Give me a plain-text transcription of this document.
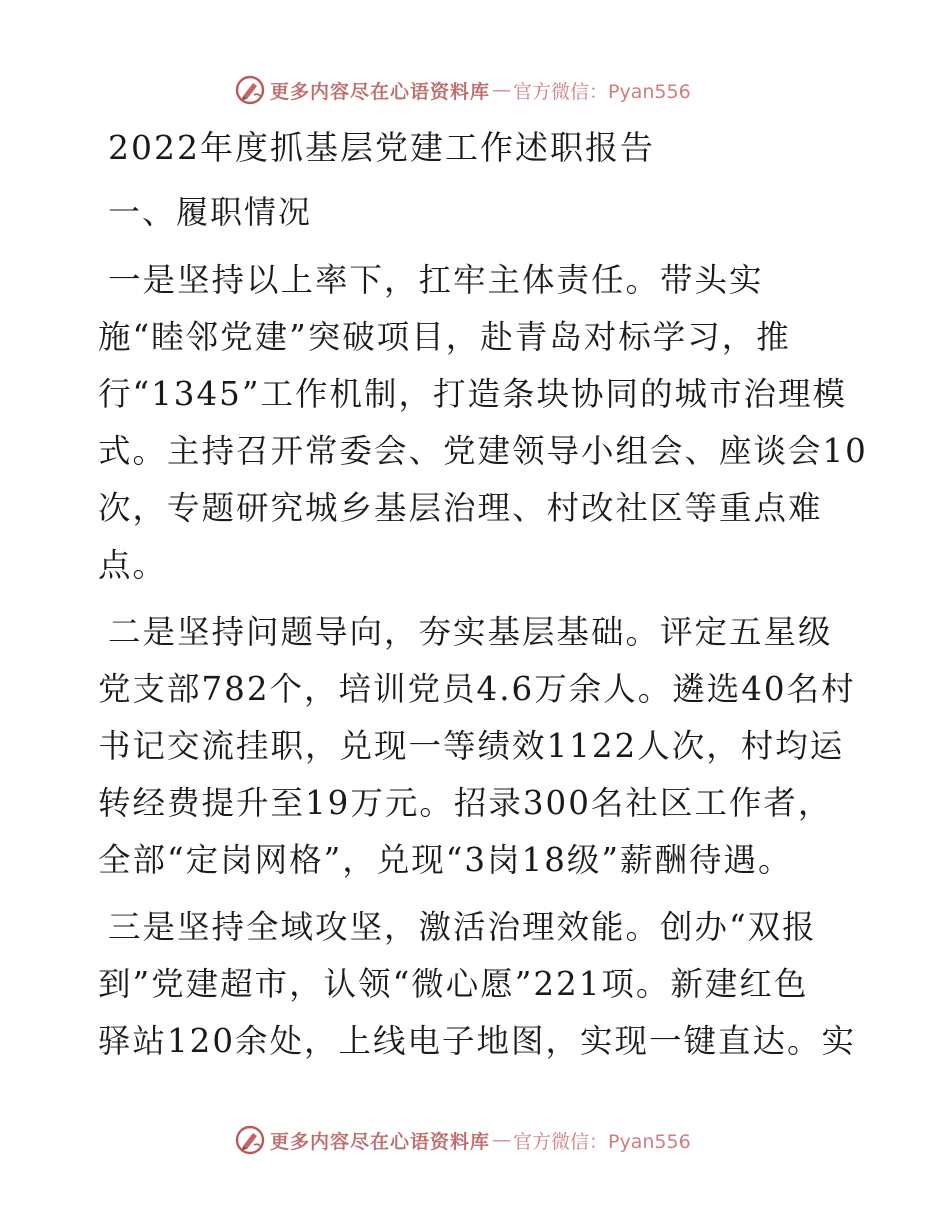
更多内容尽在心语资料库 — 官方微信：Pyan556
2022年度抓基层党建工作述职报告
一、履职情况
一是坚持以上率下，扛牢主体责任。带头实
施“睦邻党建”突破项目，赴青岛对标学习，推
行“1345”工作机制，打造条块协同的城市治理模
式。主持召开常委会、党建领导小组会、座谈会10
次，专题研究城乡基层治理、村改社区等重点难
点。
二是坚持问题导向，夯实基层基础。评定五星级
党支部782个，培训党员4.6万余人。遴选40名村
书记交流挂职，兑现一等绩效1122人次，村均运
转经费提升至19万元。招录300名社区工作者，
全部“定岗网格”，兑现“3岗18级”薪酬待遇。
三是坚持全域攻坚，激活治理效能。创办“双报
到”党建超市，认领“微心愿”221项。新建红色
驿站120余处，上线电子地图，实现一键直达。实
更多内容尽在心语资料库 — 官方微信：Pyan556
